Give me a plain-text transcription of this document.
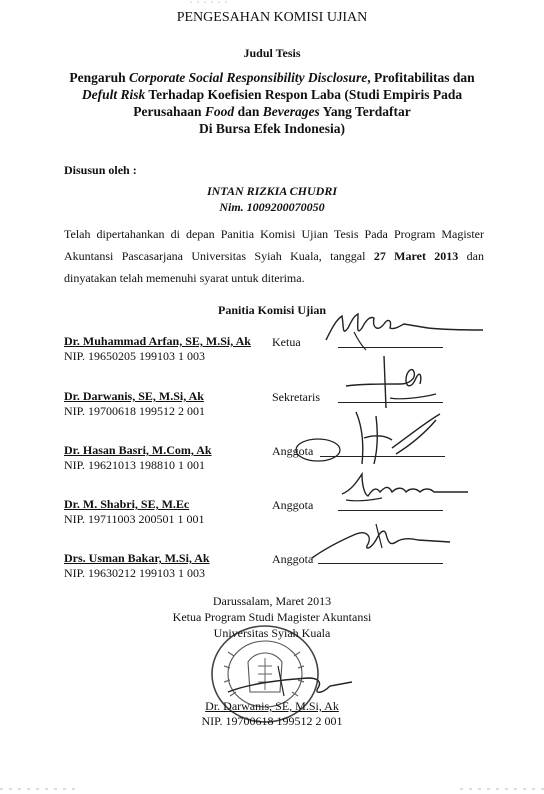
PENGESAHAN KOMISI UJIAN
Judul Tesis
Pengaruh Corporate Social Responsibility Disclosure, Profitabilitas dan
Defult Risk Terhadap Koefisien Respon Laba (Studi Empiris Pada
Perusahaan Food dan Beverages Yang Terdaftar
Di Bursa Efek Indonesia)
Disusun oleh :
INTAN RIZKIA CHUDRI
Nim. 1009200070050
Telah dipertahankan di depan Panitia Komisi Ujian Tesis Pada Program Magister Akuntansi Pascasarjana Universitas Syiah Kuala, tanggal 27 Maret 2013 dan dinyatakan telah memenuhi syarat untuk diterima.
Panitia Komisi Ujian
Dr. Muhammad Arfan, SE, M.Si, Ak
NIP. 19650205 199103 1 003
Ketua
Dr. Darwanis, SE, M.Si, Ak
NIP. 19700618 199512 2 001
Sekretaris
Dr. Hasan Basri, M.Com, Ak
NIP. 19621013 198810 1 001
Anggota
Dr. M. Shabri, SE, M.Ec
NIP. 19711003 200501 1 001
Anggota
Drs. Usman Bakar, M.Si, Ak
NIP. 19630212 199103 1 003
Anggota
Darussalam, Maret 2013
Ketua Program Studi Magister Akuntansi
Universitas Syiah Kuala
Dr. Darwanis, SE, M.Si, Ak
NIP. 19700618 199512 2 001
